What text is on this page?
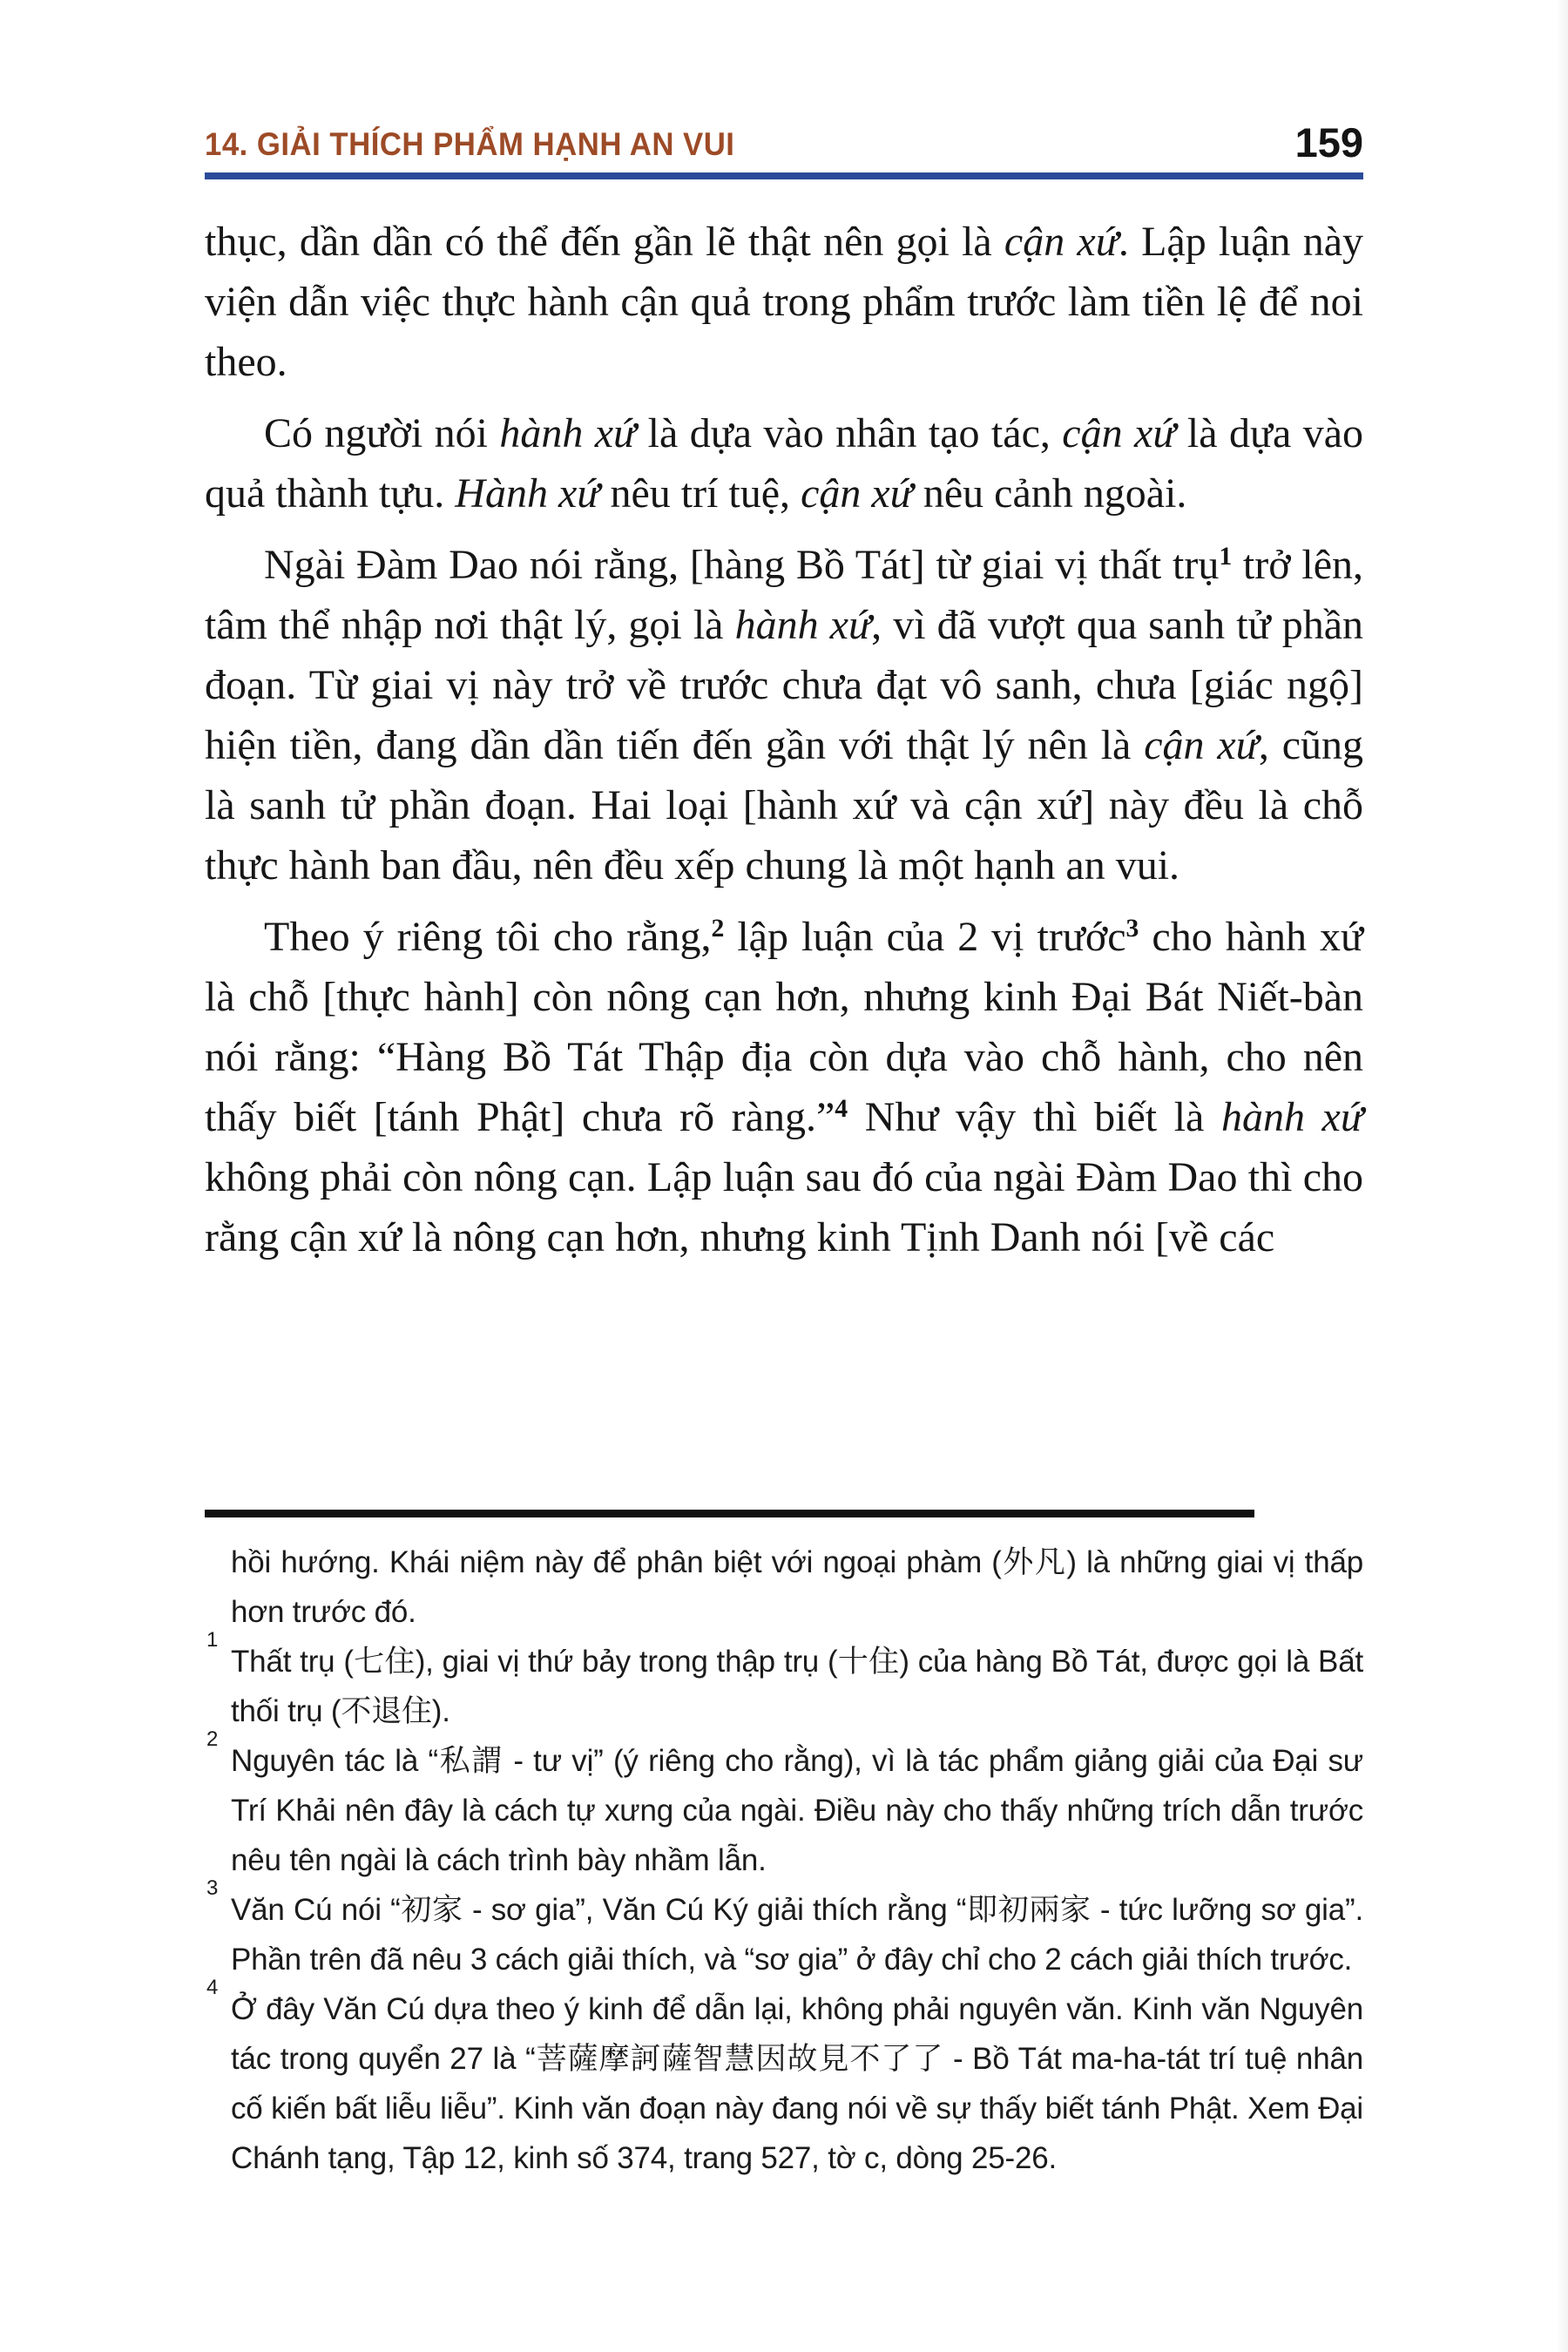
14. GIẢI THÍCH PHẨM HẠNH AN VUI	159

thục, dần dần có thể đến gần lẽ thật nên gọi là cận xứ. Lập luận này viện dẫn việc thực hành cận quả trong phẩm trước làm tiền lệ để noi theo.

Có người nói hành xứ là dựa vào nhân tạo tác, cận xứ là dựa vào quả thành tựu. Hành xứ nêu trí tuệ, cận xứ nêu cảnh ngoài.

Ngài Đàm Dao nói rằng, [hàng Bồ Tát] từ giai vị thất trụ$^1$ trở lên, tâm thể nhập nơi thật lý, gọi là hành xứ, vì đã vượt qua sanh tử phần đoạn. Từ giai vị này trở về trước chưa đạt vô sanh, chưa [giác ngộ] hiện tiền, đang dần dần tiến đến gần với thật lý nên là cận xứ, cũng là sanh tử phần đoạn. Hai loại [hành xứ và cận xứ] này đều là chỗ thực hành ban đầu, nên đều xếp chung là một hạnh an vui.

Theo ý riêng tôi cho rằng,$^2$ lập luận của 2 vị trước$^3$ cho hành xứ là chỗ [thực hành] còn nông cạn hơn, nhưng kinh Đại Bát Niết-bàn nói rằng: “Hàng Bồ Tát Thập địa còn dựa vào chỗ hành, cho nên thấy biết [tánh Phật] chưa rõ ràng.”$^4$ Như vậy thì biết là hành xứ không phải còn nông cạn. Lập luận sau đó của ngài Đàm Dao thì cho rằng cận xứ là nông cạn hơn, nhưng kinh Tịnh Danh nói [về các

hồi hướng. Khái niệm này để phân biệt với ngoại phàm (外凡) là những giai vị thấp hơn trước đó.
1
Thất trụ (七住), giai vị thứ bảy trong thập trụ (十住) của hàng Bồ Tát, được gọi là Bất thối trụ (不退住).
2
Nguyên tác là “私謂 - tư vị” (ý riêng cho rằng), vì là tác phẩm giảng giải của Đại sư Trí Khải nên đây là cách tự xưng của ngài. Điều này cho thấy những trích dẫn trước nêu tên ngài là cách trình bày nhầm lẫn.
3
Văn Cú nói “初家 - sơ gia”, Văn Cú Ký giải thích rằng “即初兩家 - tức lưỡng sơ gia”. Phần trên đã nêu 3 cách giải thích, và “sơ gia” ở đây chỉ cho 2 cách giải thích trước.
4
Ở đây Văn Cú dựa theo ý kinh để dẫn lại, không phải nguyên văn. Kinh văn Nguyên tác trong quyển 27 là “菩薩摩訶薩智慧因故見不了了 - Bồ Tát ma-ha-tát trí tuệ nhân cố kiến bất liễu liễu”. Kinh văn đoạn này đang nói về sự thấy biết tánh Phật. Xem Đại Chánh tạng, Tập 12, kinh số 374, trang 527, tờ c, dòng 25-26.
